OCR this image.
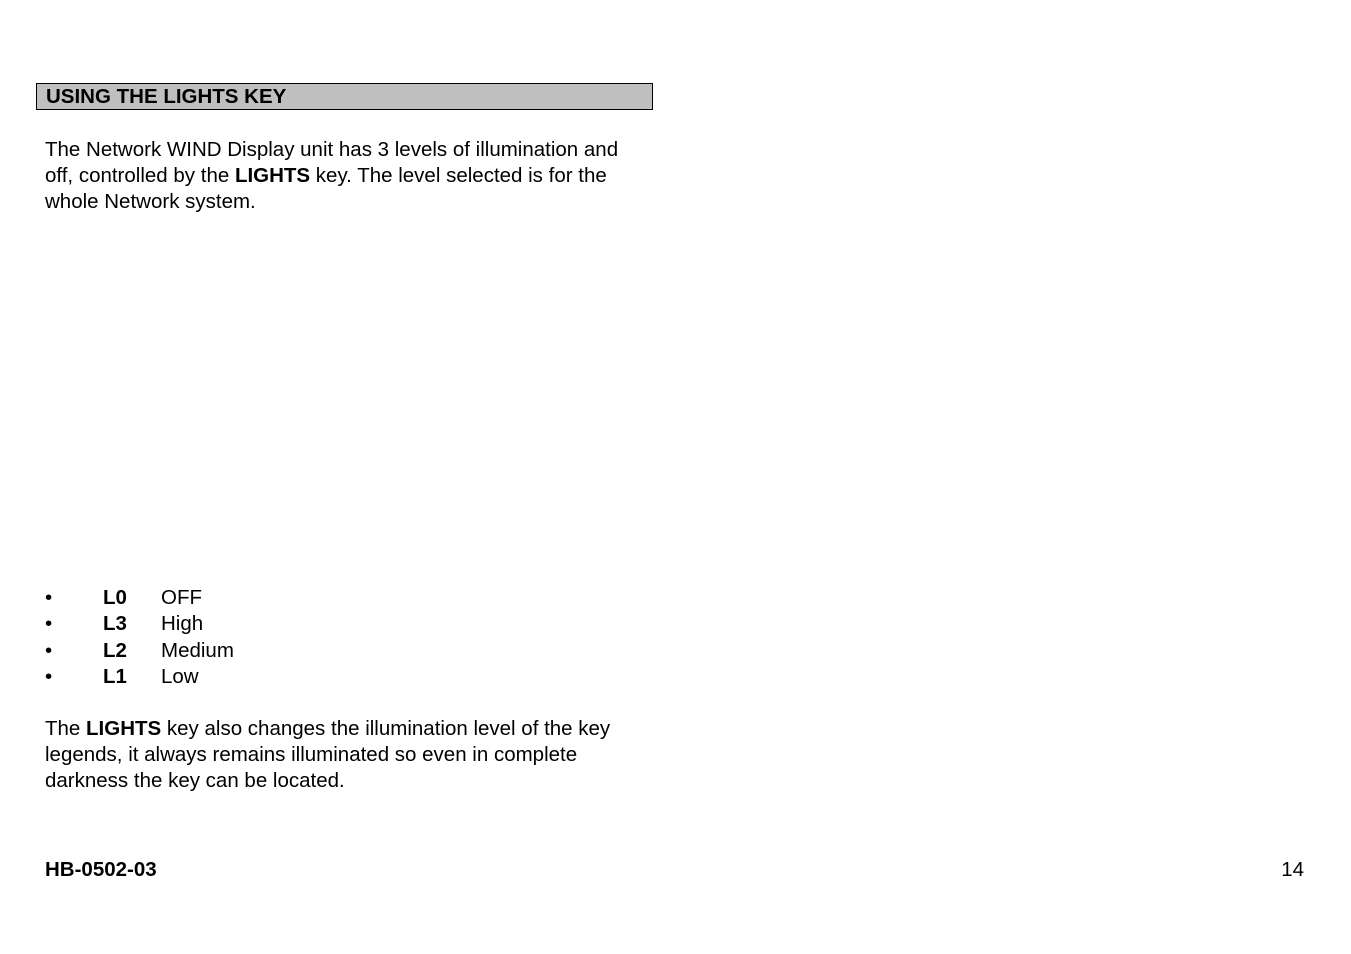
USING THE LIGHTS KEY

The Network WIND Display unit has 3 levels of illumination and off, controlled by the LIGHTS key. The level selected is for the whole Network system.

• L0 OFF
• L3 High
• L2 Medium
• L1 Low

The LIGHTS key also changes the illumination level of the key legends, it always remains illuminated so even in complete darkness the key can be located.

HB-0502-03	14
